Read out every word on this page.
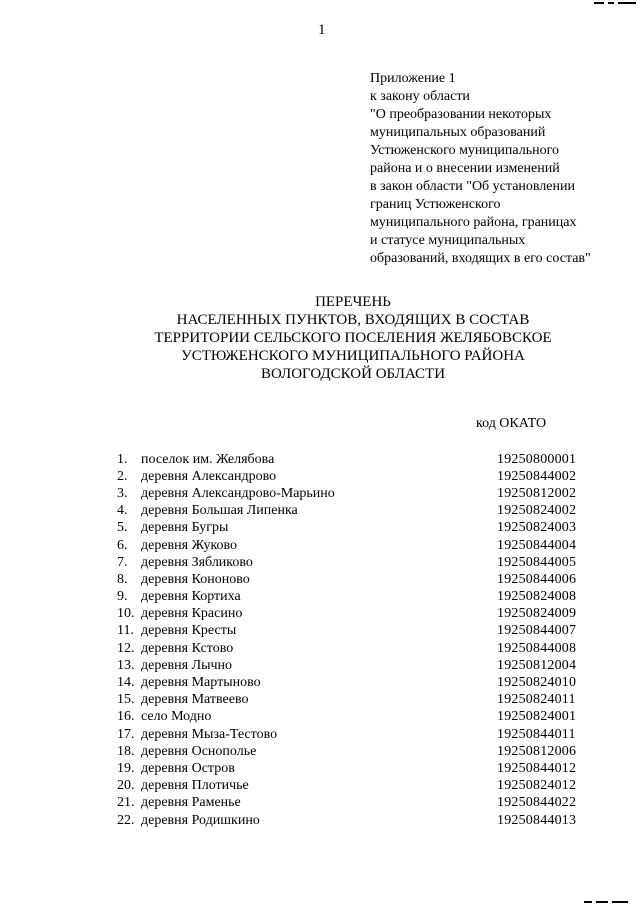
1
Приложение 1
к закону области
"О преобразовании некоторых
муниципальных образований
Устюженского муниципального
района и о внесении изменений
в закон области "Об установлении
границ Устюженского
муниципального района, границах
и статусе муниципальных
образований, входящих в его состав"
ПЕРЕЧЕНЬ
НАСЕЛЕННЫХ ПУНКТОВ, ВХОДЯЩИХ В СОСТАВ
ТЕРРИТОРИИ СЕЛЬСКОГО ПОСЕЛЕНИЯ ЖЕЛЯБОВСКОЕ
УСТЮЖЕНСКОГО МУНИЦИПАЛЬНОГО РАЙОНА
ВОЛОГОДСКОЙ ОБЛАСТИ
код ОКАТО
1. поселок им. Желябова	19250800001
2. деревня Александрово	19250844002
3. деревня Александрово-Марьино	19250812002
4. деревня Большая Липенка	19250824002
5. деревня Бугры	19250824003
6. деревня Жуково	19250844004
7. деревня Зябликово	19250844005
8. деревня Кононово	19250844006
9. деревня Кортиха	19250824008
10. деревня Красино	19250824009
11. деревня Кресты	19250844007
12. деревня Кстово	19250844008
13. деревня Лычно	19250812004
14. деревня Мартыново	19250824010
15. деревня Матвеево	19250824011
16. село Модно	19250824001
17. деревня Мыза-Тестово	19250844011
18. деревня Оснополье	19250812006
19. деревня Остров	19250844012
20. деревня Плотичье	19250824012
21. деревня Раменье	19250844022
22. деревня Родишкино	19250844013
